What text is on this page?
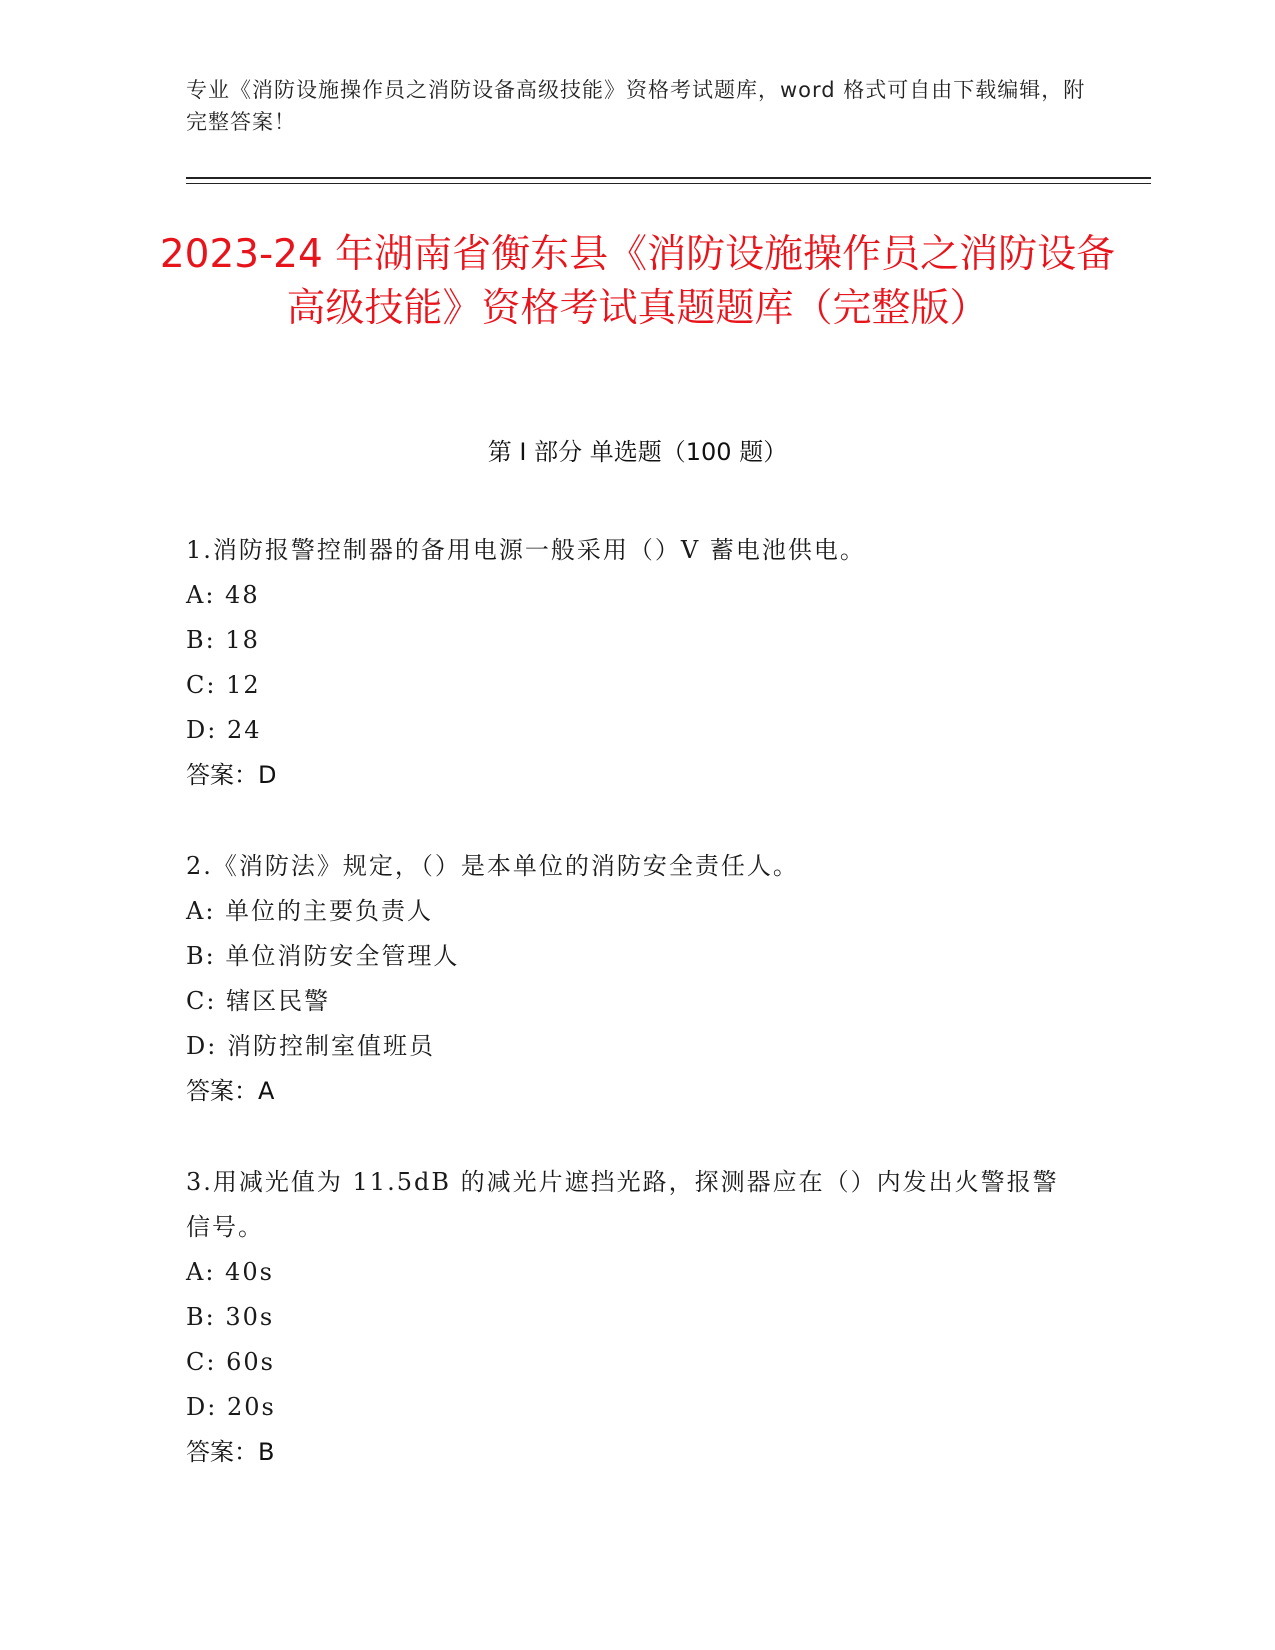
专业《消防设施操作员之消防设备高级技能》资格考试题库，word 格式可自由下载编辑，附完整答案！
2023-24 年湖南省衡东县《消防设施操作员之消防设备高级技能》资格考试真题题库（完整版）
第 I 部分 单选题（100 题）
1.消防报警控制器的备用电源一般采用（）V 蓄电池供电。
A: 48
B: 18
C: 12
D: 24
答案：D
2.《消防法》规定，（）是本单位的消防安全责任人。
A: 单位的主要负责人
B: 单位消防安全管理人
C: 辖区民警
D: 消防控制室值班员
答案：A
3.用减光值为 11.5dB 的减光片遮挡光路，探测器应在（）内发出火警报警信号。
A: 40s
B: 30s
C: 60s
D: 20s
答案：B
